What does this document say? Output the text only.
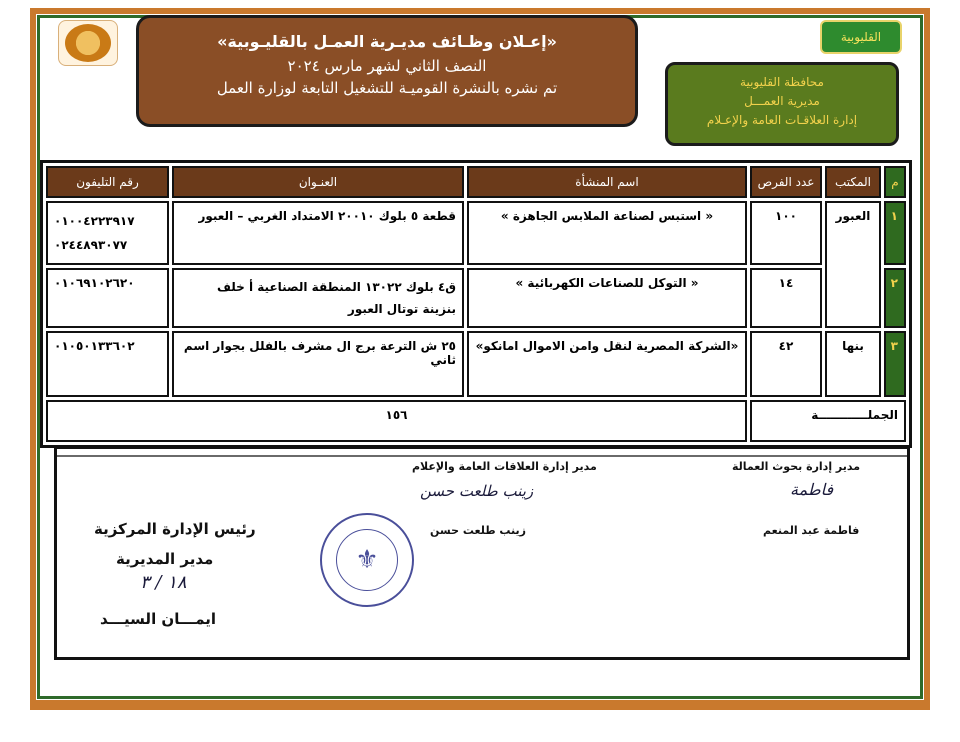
القليوبية
«إعـلان وظـائف مديـرية العمـل بالقليـوبية»
النصف الثاني لشهر مارس ٢٠٢٤
تم نشره بالنشرة القوميـة للتشغيل التابعة لوزارة العمل	محافظة القليوبية
مديرية العمـــل
إدارة العلاقـات العامة والإعـلام
م	المكتب	عدد الفرص	اسم المنشأة	العنـوان	رقم التليفون
١	العبور	١٠٠	« استبس لصناعة الملابس الجاهزة »	قطعة ٥ بلوك ٢٠٠١٠ الامتداد الغربي – العبور	٠١٠٠٤٢٢٣٩١٧
٠٢٤٤٨٩٣٠٧٧

٢		١٤	« التوكل للصناعات الكهربائية »	ق٤ بلوك ١٣٠٢٢ المنطقة الصناعية أ خلف بنزينة توتال العبور	٠١٠٦٩١٠٢٦٢٠

٣	بنها	٤٢	«الشركة المصرية لنقل وامن الاموال امانكو»	٢٥ ش الترعة برج ال مشرف بالفلل بجوار اسم ثاني	٠١٠٥٠١٣٣٦٠٢

الجملــــــــــــة			١٥٦		
مدير إدارة بحوث العمالة
فاطمة
فاطمة عبد المنعم
مدير إدارة العلاقات العامة والإعلام
زينب طلعت حسن
زينب طلعت حسن
⚜
رئيس الإدارة المركزية
مدير المديرية
١٨ / ٣
ايمـــان السيـــد
